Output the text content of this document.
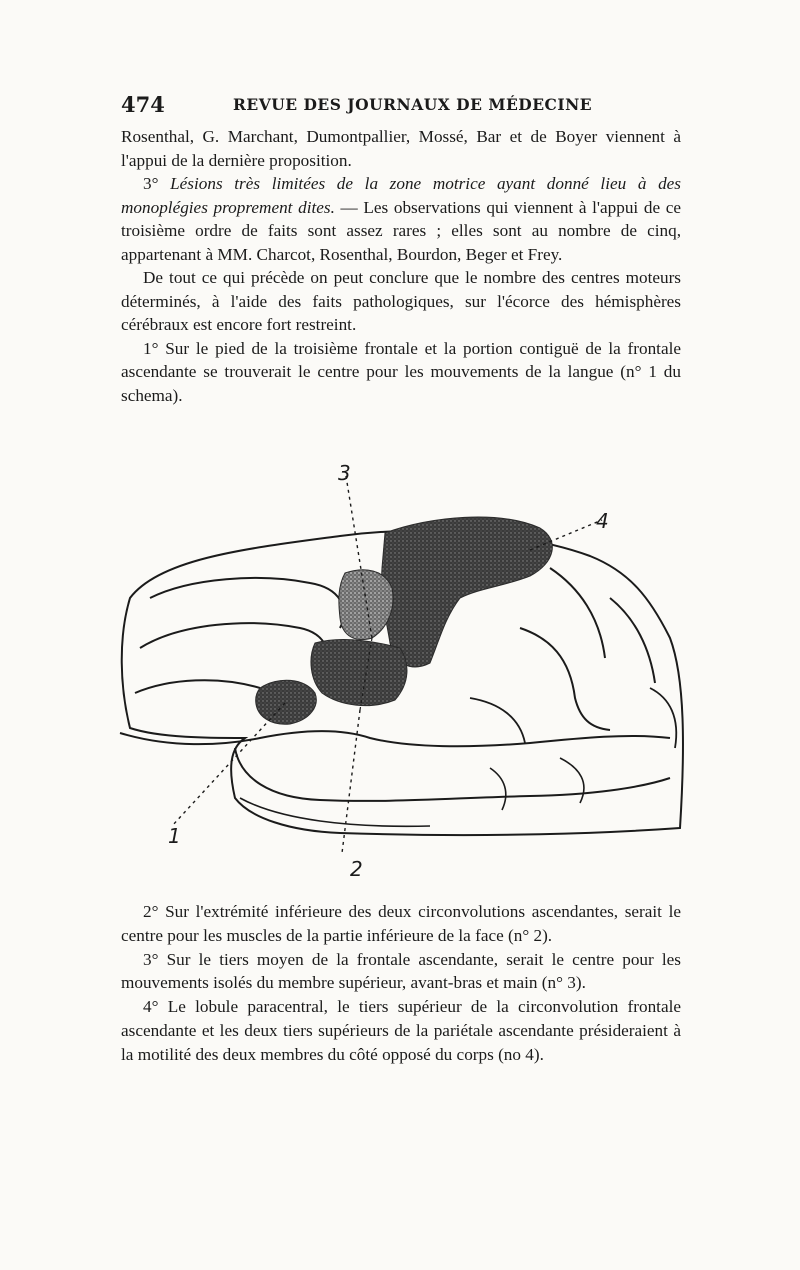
474	REVUE DES JOURNAUX DE MÉDECINE

Rosenthal, G. Marchant, Dumontpallier, Mossé, Bar et de Boyer viennent à l'appui de la dernière proposition.

3° Lésions très limitées de la zone motrice ayant donné lieu à des monoplégies proprement dites. — Les observations qui viennent à l'appui de ce troisième ordre de faits sont assez rares ; elles sont au nombre de cinq, appartenant à MM. Charcot, Rosenthal, Bourdon, Beger et Frey.

De tout ce qui précède on peut conclure que le nombre des centres moteurs déterminés, à l'aide des faits pathologiques, sur l'écorce des hémisphères cérébraux est encore fort restreint.

1° Sur le pied de la troisième frontale et la portion contiguë de la frontale ascendante se trouverait le centre pour les mouvements de la langue (n° 1 du schema).

3
4
1
2

2° Sur l'extrémité inférieure des deux circonvolutions ascendantes, serait le centre pour les muscles de la partie inférieure de la face (n° 2).

3° Sur le tiers moyen de la frontale ascendante, serait le centre pour les mouvements isolés du membre supérieur, avant-bras et main (n° 3).

4° Le lobule paracentral, le tiers supérieur de la circonvolution frontale ascendante et les deux tiers supérieurs de la pariétale ascendante présideraient à la motilité des deux membres du côté opposé du corps (no 4).
